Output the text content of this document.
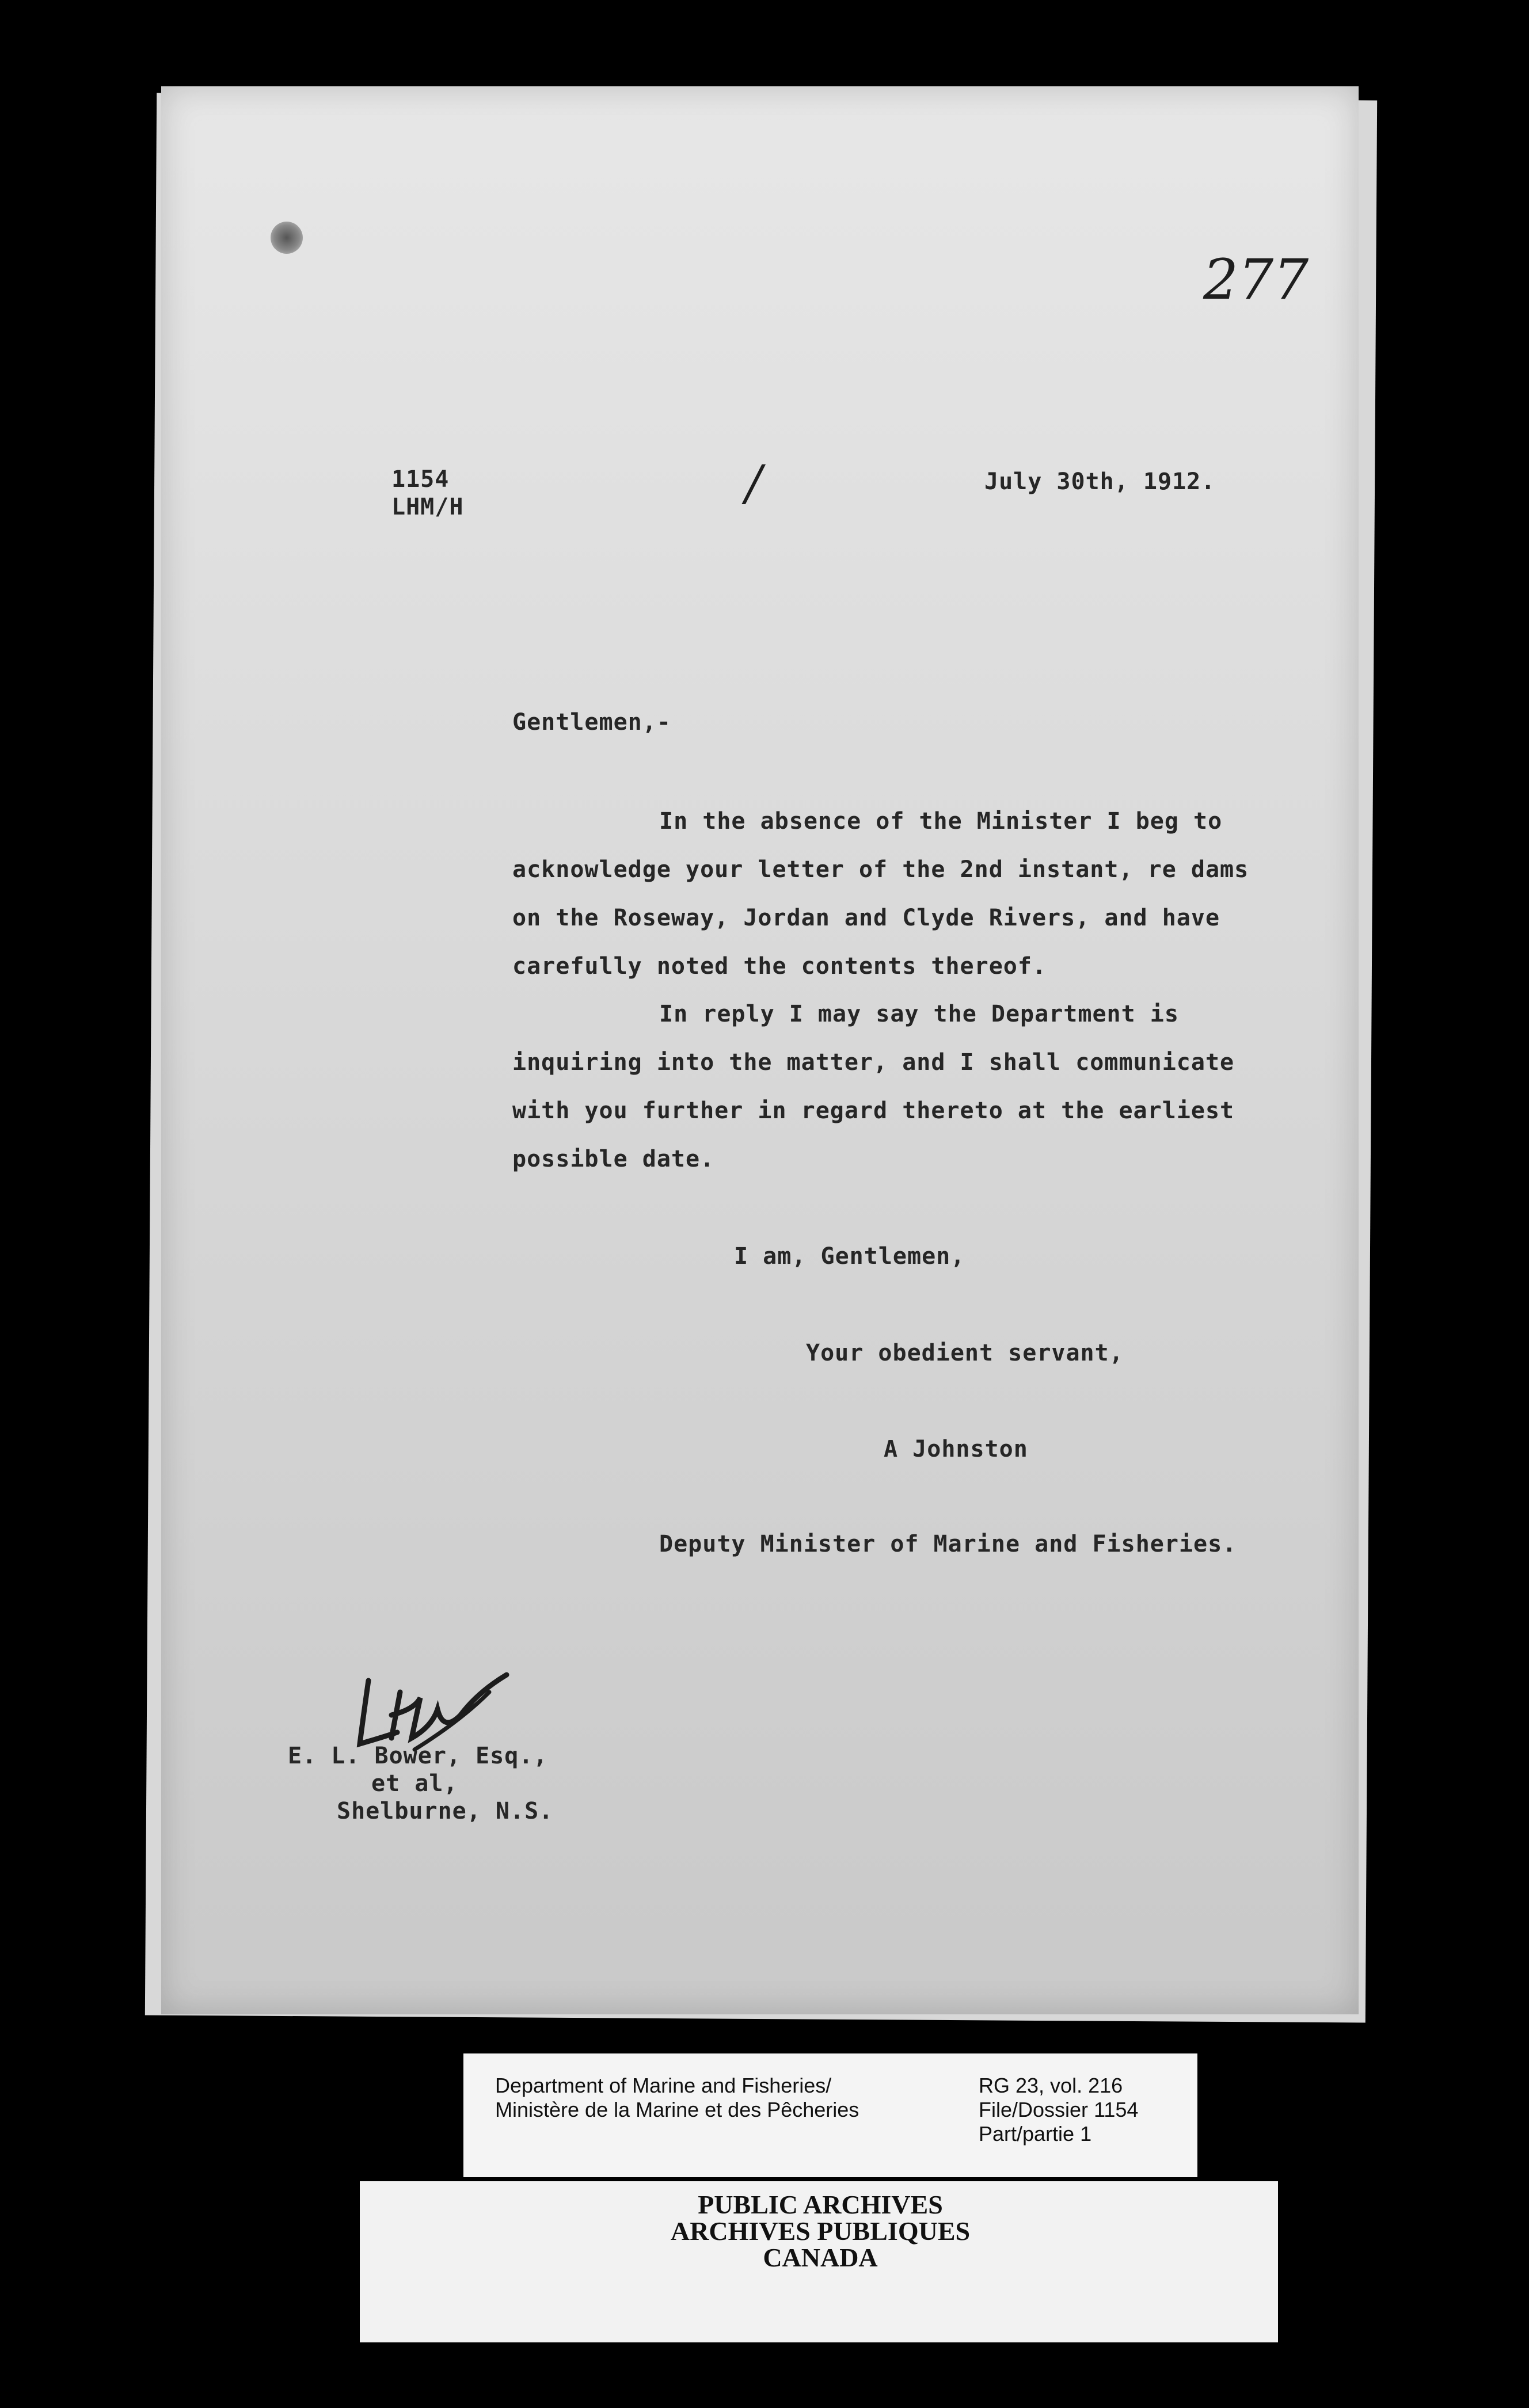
277
1154
LHM/H	/	July 30th, 1912.
Gentlemen,-
In the absence of the Minister I beg to
acknowledge your letter of the 2nd instant, re dams
on the Roseway, Jordan and Clyde Rivers, and have
carefully noted the contents thereof.
In reply I may say the Department is
inquiring into the matter, and I shall communicate
with you further in regard thereto at the earliest
possible date.
I am, Gentlemen,
Your obedient servant,
A Johnston
Deputy Minister of Marine and Fisheries.
E. L. Bower, Esq.,
et al,
Shelburne, N.S.
Department of Marine and Fisheries/
Ministère de la Marine et des Pêcheries
RG 23, vol. 216
File/Dossier 1154
Part/partie 1
PUBLIC ARCHIVES
ARCHIVES PUBLIQUES
CANADA
